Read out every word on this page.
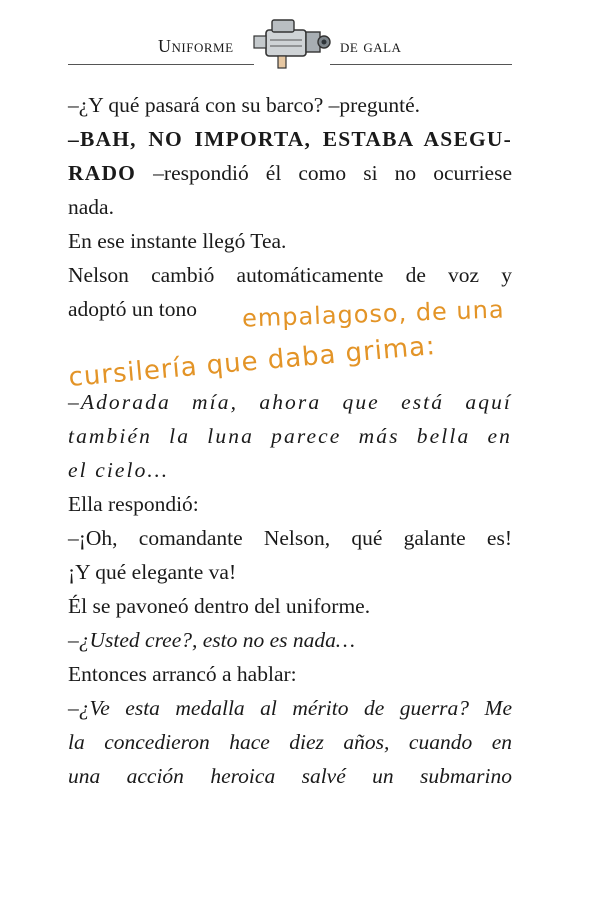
Uniforme	de gala
–¿Y qué pasará con su barco? –pregunté.
–BAH, NO IMPORTA, ESTABA ASEGU-
RADO –respondió él como si no ocurriese
nada.
En ese instante llegó Tea.
Nelson cambió automáticamente de voz y
adoptó un tono
–Adorada mía, ahora que está aquí
también la luna parece más bella en
el cielo…
Ella respondió:
–¡Oh, comandante Nelson, qué galante es!
¡Y qué elegante va!
Él se pavoneó dentro del uniforme.
–¿Usted cree?, esto no es nada…
Entonces arrancó a hablar:
–¿Ve esta medalla al mérito de guerra? Me
la concedieron hace diez años, cuando en
una acción heroica salvé un submarino
empalagoso, de una
cursilería que daba grima:
